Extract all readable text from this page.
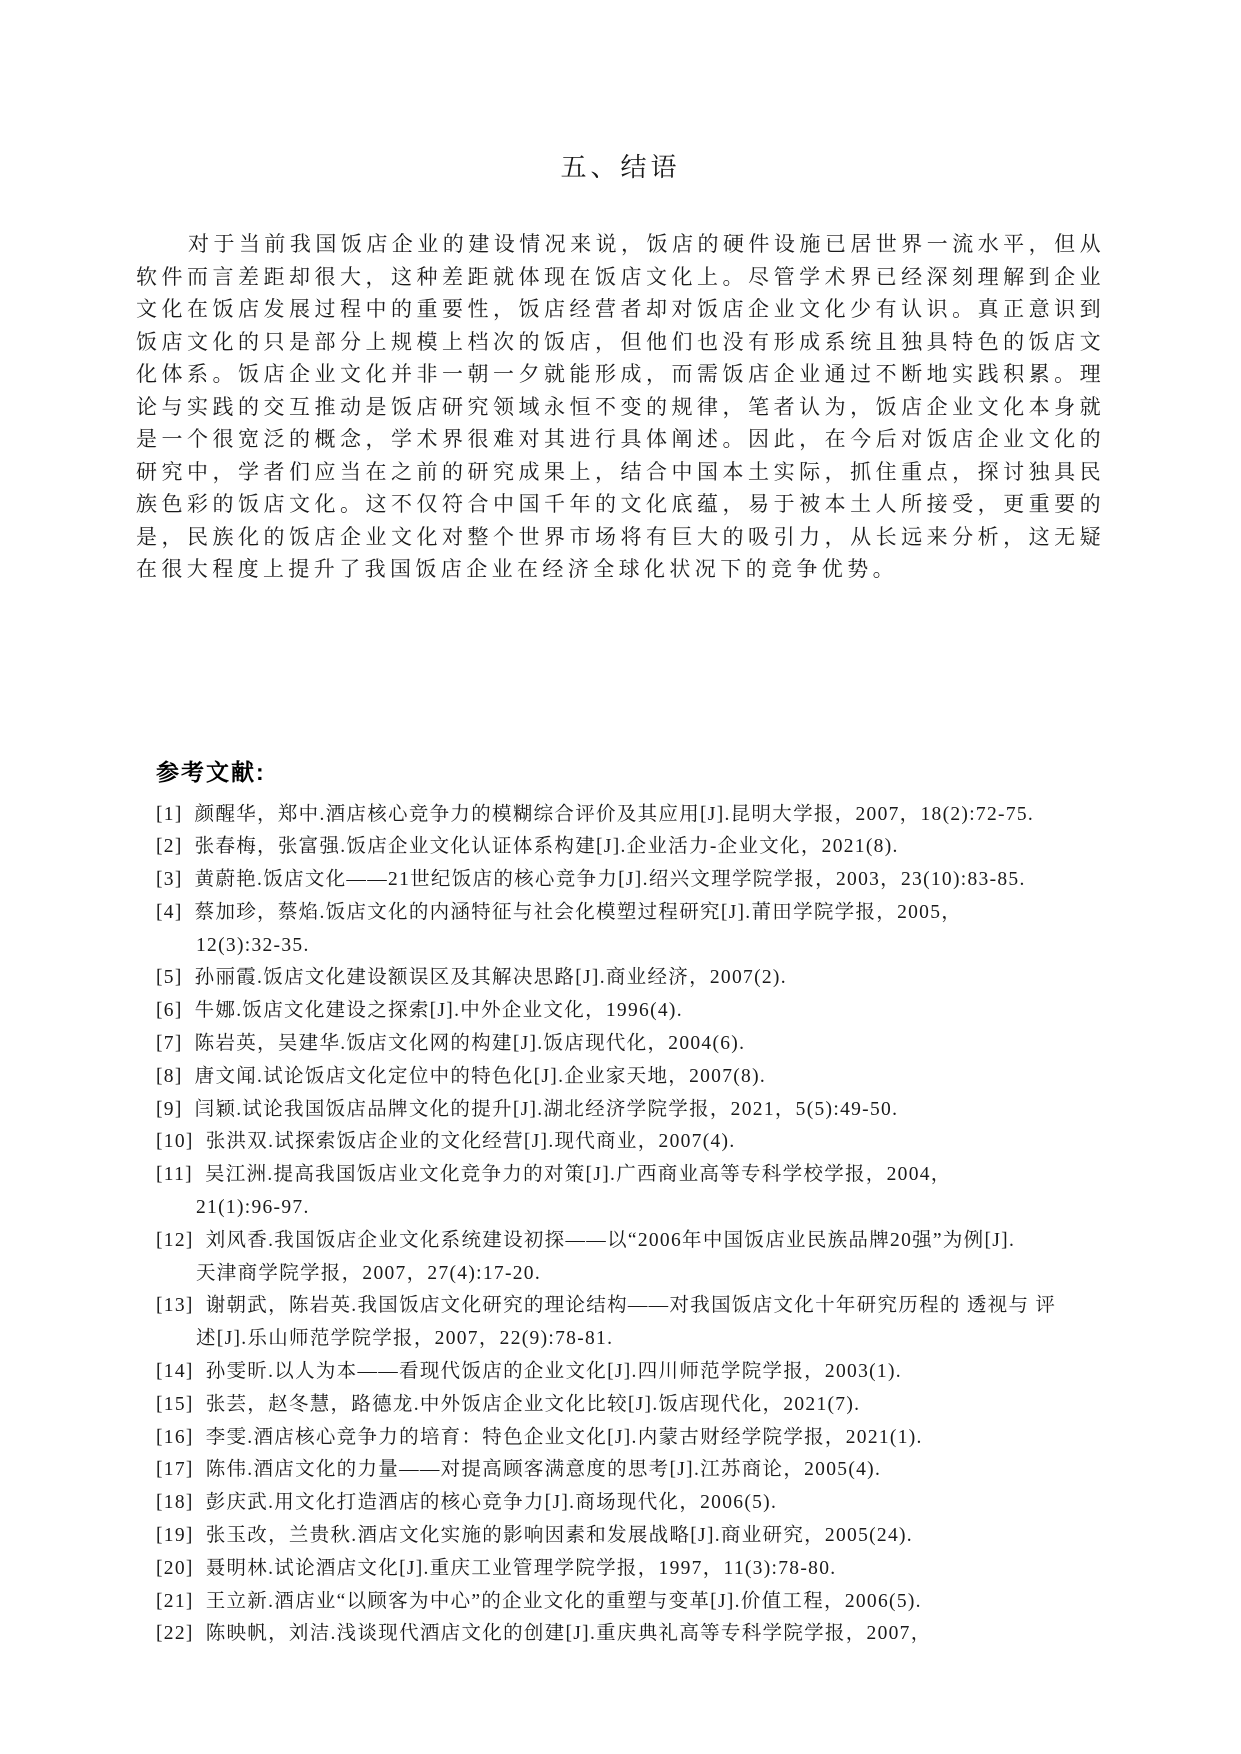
五、结语

对于当前我国饭店企业的建设情况来说，饭店的硬件设施已居世界一流水平，但从软件而言差距却很大，这种差距就体现在饭店文化上。尽管学术界已经深刻理解到企业文化在饭店发展过程中的重要性，饭店经营者却对饭店企业文化少有认识。真正意识到饭店文化的只是部分上规模上档次的饭店，但他们也没有形成系统且独具特色的饭店文化体系。饭店企业文化并非一朝一夕就能形成，而需饭店企业通过不断地实践积累。理论与实践的交互推动是饭店研究领域永恒不变的规律，笔者认为，饭店企业文化本身就是一个很宽泛的概念，学术界很难对其进行具体阐述。因此，在今后对饭店企业文化的研究中，学者们应当在之前的研究成果上，结合中国本土实际，抓住重点，探讨独具民族色彩的饭店文化。这不仅符合中国千年的文化底蕴，易于被本土人所接受，更重要的是，民族化的饭店企业文化对整个世界市场将有巨大的吸引力，从长远来分析，这无疑在很大程度上提升了我国饭店企业在经济全球化状况下的竞争优势。

参考文献:
[1] 颜醒华，郑中.酒店核心竞争力的模糊综合评价及其应用[J].昆明大学报，2007，18(2):72-75.
[2] 张春梅，张富强.饭店企业文化认证体系构建[J].企业活力-企业文化，2021(8).
[3] 黄蔚艳.饭店文化——21世纪饭店的核心竞争力[J].绍兴文理学院学报，2003，23(10):83-85.
[4] 蔡加珍，蔡焰.饭店文化的内涵特征与社会化模塑过程研究[J].莆田学院学报，2005，
12(3):32-35.
[5] 孙丽霞.饭店文化建设额误区及其解决思路[J].商业经济，2007(2).
[6] 牛娜.饭店文化建设之探索[J].中外企业文化，1996(4).
[7] 陈岩英，吴建华.饭店文化网的构建[J].饭店现代化，2004(6).
[8] 唐文闻.试论饭店文化定位中的特色化[J].企业家天地，2007(8).
[9] 闫颖.试论我国饭店品牌文化的提升[J].湖北经济学院学报，2021，5(5):49-50.
[10] 张洪双.试探索饭店企业的文化经营[J].现代商业，2007(4).
[11] 吴江洲.提高我国饭店业文化竞争力的对策[J].广西商业高等专科学校学报，2004，
21(1):96-97.
[12] 刘风香.我国饭店企业文化系统建设初探——以“2006年中国饭店业民族品牌20强”为例[J].
天津商学院学报，2007，27(4):17-20.
[13] 谢朝武，陈岩英.我国饭店文化研究的理论结构——对我国饭店文化十年研究历程的 透视与 评
述[J].乐山师范学院学报，2007，22(9):78-81.
[14] 孙雯昕.以人为本——看现代饭店的企业文化[J].四川师范学院学报，2003(1).
[15] 张芸，赵冬慧，路德龙.中外饭店企业文化比较[J].饭店现代化，2021(7).
[16] 李雯.酒店核心竞争力的培育：特色企业文化[J].内蒙古财经学院学报，2021(1).
[17] 陈伟.酒店文化的力量——对提高顾客满意度的思考[J].江苏商论，2005(4).
[18] 彭庆武.用文化打造酒店的核心竞争力[J].商场现代化，2006(5).
[19] 张玉改，兰贵秋.酒店文化实施的影响因素和发展战略[J].商业研究，2005(24).
[20] 聂明林.试论酒店文化[J].重庆工业管理学院学报，1997，11(3):78-80.
[21] 王立新.酒店业“以顾客为中心”的企业文化的重塑与变革[J].价值工程，2006(5).
[22] 陈映帆，刘洁.浅谈现代酒店文化的创建[J].重庆典礼高等专科学院学报，2007，
